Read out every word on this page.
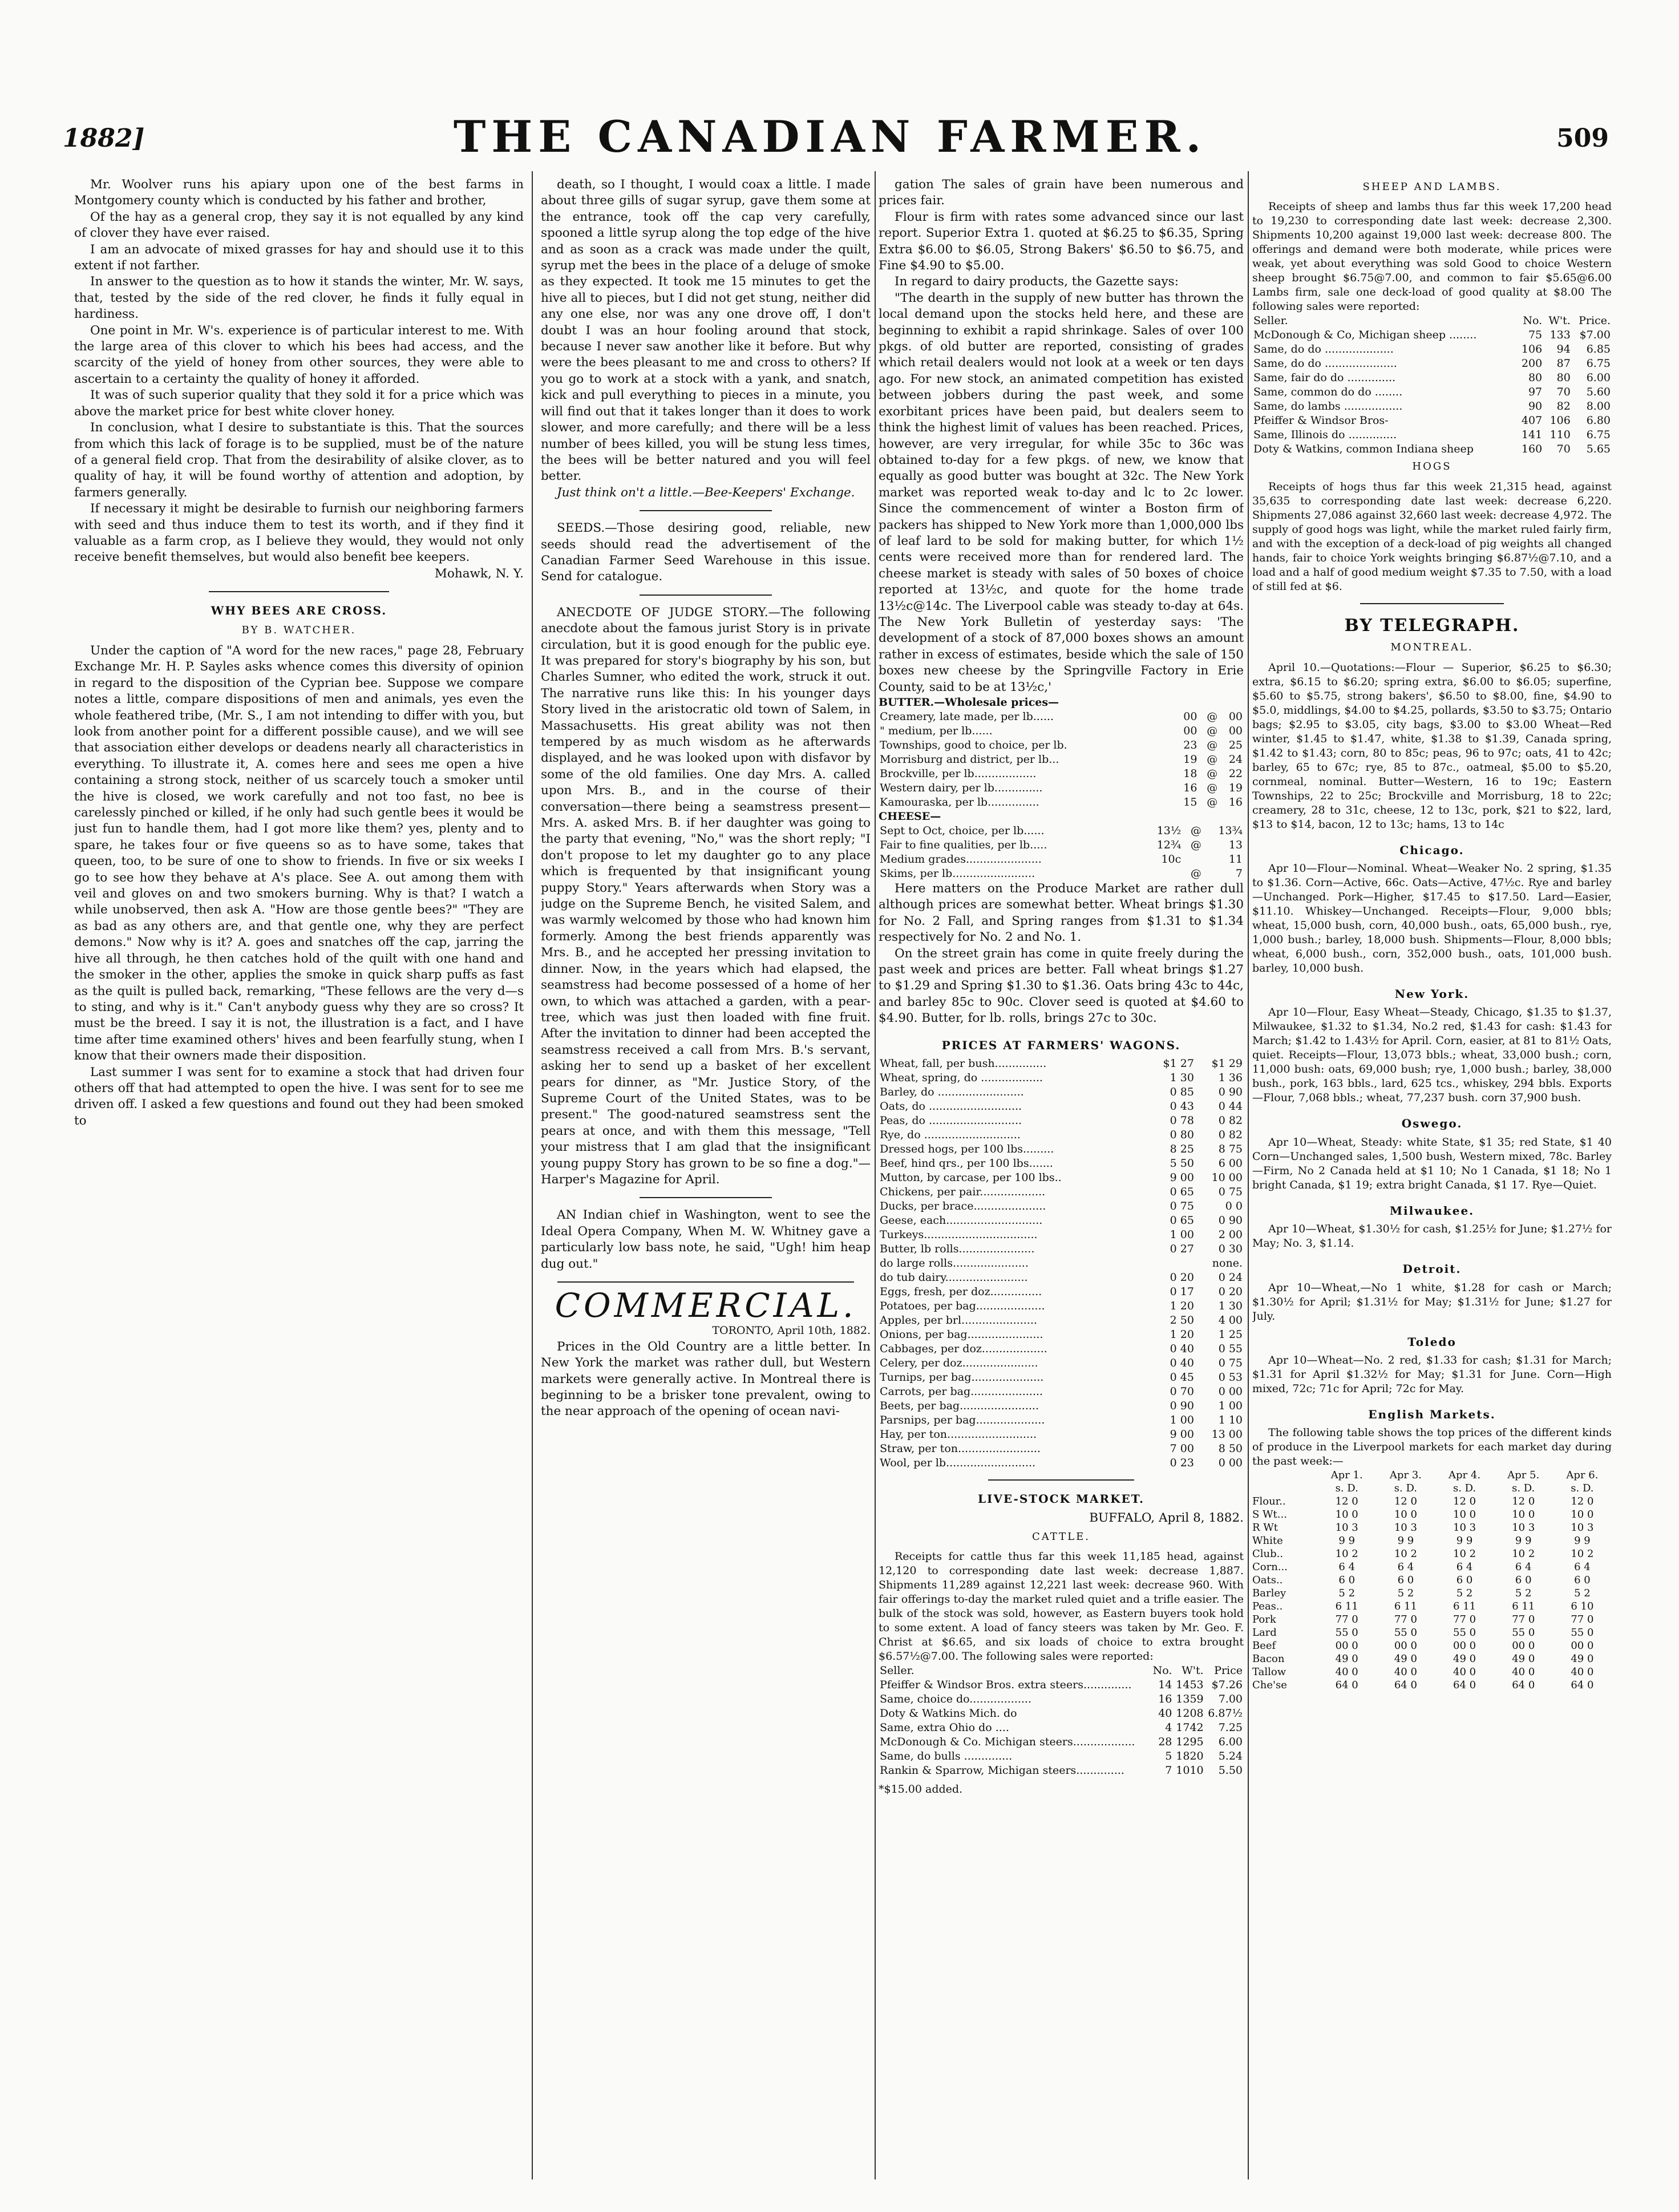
1882]	THE CANADIAN FARMER.	509

Mr. Woolver runs his apiary upon one of the best farms in Montgomery county which is conducted by his father and brother,

Of the hay as a general crop, they say it is not equalled by any kind of clover they have ever raised.

I am an advocate of mixed grasses for hay and should use it to this extent if not farther.

In answer to the question as to how it stands the winter, Mr. W. says, that, tested by the side of the red clover, he finds it fully equal in hardiness.

One point in Mr. W's. experience is of particular interest to me. With the large area of this clover to which his bees had access, and the scarcity of the yield of honey from other sources, they were able to ascertain to a certainty the quality of honey it afforded.

It was of such superior quality that they sold it for a price which was above the market price for best white clover honey.

In conclusion, what I desire to substantiate is this. That the sources from which this lack of forage is to be supplied, must be of the nature of a general field crop. That from the desirability of alsike clover, as to quality of hay, it will be found worthy of attention and adoption, by farmers generally.

If necessary it might be desirable to furnish our neighboring farmers with seed and thus induce them to test its worth, and if they find it valuable as a farm crop, as I believe they would, they would not only receive benefit themselves, but would also benefit bee keepers.

Mohawk, N. Y.

WHY BEES ARE CROSS.
BY B. WATCHER.

Under the caption of "A word for the new races," page 28, February Exchange Mr. H. P. Sayles asks whence comes this diversity of opinion in regard to the disposition of the Cyprian bee. Suppose we compare notes a little, compare dispositions of men and animals, yes even the whole feathered tribe, (Mr. S., I am not intending to differ with you, but look from another point for a different possible cause), and we will see that association either develops or deadens nearly all characteristics in everything. To illustrate it, A. comes here and sees me open a hive containing a strong stock, neither of us scarcely touch a smoker until the hive is closed, we work carefully and not too fast, no bee is carelessly pinched or killed, if he only had such gentle bees it would be just fun to handle them, had I got more like them? yes, plenty and to spare, he takes four or five queens so as to have some, takes that queen, too, to be sure of one to show to friends. In five or six weeks I go to see how they behave at A's place. See A. out among them with veil and gloves on and two smokers burning. Why is that? I watch a while unobserved, then ask A. "How are those gentle bees?" "They are as bad as any others are, and that gentle one, why they are perfect demons." Now why is it? A. goes and snatches off the cap, jarring the hive all through, he then catches hold of the quilt with one hand and the smoker in the other, applies the smoke in quick sharp puffs as fast as the quilt is pulled back, remarking, "These fellows are the very d—s to sting, and why is it." Can't anybody guess why they are so cross? It must be the breed. I say it is not, the illustration is a fact, and I have time after time examined others' hives and been fearfully stung, when I know that their owners made their disposition.

Last summer I was sent for to examine a stock that had driven four others off that had attempted to open the hive. I was sent for to see me driven off. I asked a few questions and found out they had been smoked to

death, so I thought, I would coax a little. I made about three gills of sugar syrup, gave them some at the entrance, took off the cap very carefully, spooned a little syrup along the top edge of the hive and as soon as a crack was made under the quilt, syrup met the bees in the place of a deluge of smoke as they expected. It took me 15 minutes to get the hive all to pieces, but I did not get stung, neither did any one else, nor was any one drove off, I don't doubt I was an hour fooling around that stock, because I never saw another like it before. But why were the bees pleasant to me and cross to others? If you go to work at a stock with a yank, and snatch, kick and pull everything to pieces in a minute, you will find out that it takes longer than it does to work slower, and more carefully; and there will be a less number of bees killed, you will be stung less times, the bees will be better natured and you will feel better.

Just think on't a little.—Bee-Keepers' Exchange.

SEEDS.—Those desiring good, reliable, new seeds should read the advertisement of the Canadian Farmer Seed Warehouse in this issue. Send for catalogue.

ANECDOTE OF JUDGE STORY.—The following anecdote about the famous jurist Story is in private circulation, but it is good enough for the public eye. It was prepared for story's biography by his son, but Charles Sumner, who edited the work, struck it out. The narrative runs like this: In his younger days Story lived in the aristocratic old town of Salem, in Massachusetts. His great ability was not then tempered by as much wisdom as he afterwards displayed, and he was looked upon with disfavor by some of the old families. One day Mrs. A. called upon Mrs. B., and in the course of their conversation—there being a seamstress present—Mrs. A. asked Mrs. B. if her daughter was going to the party that evening, "No," was the short reply; "I don't propose to let my daughter go to any place which is frequented by that insignificant young puppy Story." Years afterwards when Story was a judge on the Supreme Bench, he visited Salem, and was warmly welcomed by those who had known him formerly. Among the best friends apparently was Mrs. B., and he accepted her pressing invitation to dinner. Now, in the years which had elapsed, the seamstress had become possessed of a home of her own, to which was attached a garden, with a pear-tree, which was just then loaded with fine fruit. After the invitation to dinner had been accepted the seamstress received a call from Mrs. B.'s servant, asking her to send up a basket of her excellent pears for dinner, as "Mr. Justice Story, of the Supreme Court of the United States, was to be present." The good-natured seamstress sent the pears at once, and with them this message, "Tell your mistress that I am glad that the insignificant young puppy Story has grown to be so fine a dog."—Harper's Magazine for April.

AN Indian chief in Washington, went to see the Ideal Opera Company, When M. W. Whitney gave a particularly low bass note, he said, "Ugh! him heap dug out."

COMMERCIAL.

TORONTO, April 10th, 1882.

Prices in the Old Country are a little better. In New York the market was rather dull, but Western markets were generally active. In Montreal there is beginning to be a brisker tone prevalent, owing to the near approach of the opening of ocean navi-

gation The sales of grain have been numerous and prices fair.

Flour is firm with rates some advanced since our last report. Superior Extra 1. quoted at $6.25 to $6.35, Spring Extra $6.00 to $6.05, Strong Bakers' $6.50 to $6.75, and Fine $4.90 to $5.00.

In regard to dairy products, the Gazette says:

"The dearth in the supply of new butter has thrown the local demand upon the stocks held here, and these are beginning to exhibit a rapid shrinkage. Sales of over 100 pkgs. of old butter are reported, consisting of grades which retail dealers would not look at a week or ten days ago. For new stock, an animated competition has existed between jobbers during the past week, and some exorbitant prices have been paid, but dealers seem to think the highest limit of values has been reached. Prices, however, are very irregular, for while 35c to 36c was obtained to-day for a few pkgs. of new, we know that equally as good butter was bought at 32c. The New York market was reported weak to-day and lc to 2c lower. Since the commencement of winter a Boston firm of packers has shipped to New York more than 1,000,000 lbs of leaf lard to be sold for making butter, for which 1½ cents were received more than for rendered lard. The cheese market is steady with sales of 50 boxes of choice reported at 13½c, and quote for the home trade 13½c@14c. The Liverpool cable was steady to-day at 64s. The New York Bulletin of yesterday says: 'The development of a stock of 87,000 boxes shows an amount rather in excess of estimates, beside which the sale of 150 boxes new cheese by the Springville Factory in Erie County, said to be at 13½c,'

BUTTER.—Wholesale prices—
Creamery, late made, per lb......	00	@	00
" medium, per lb......	00	@	00
Townships, good to choice, per lb.	23	@	25
Morrisburg and district, per lb...	19	@	24
Brockville, per lb..................	18	@	22
Western dairy, per lb..............	16	@	19
Kamouraska, per lb...............	15	@	16
CHEESE—
Sept to Oct, choice, per lb......	13½	@	13¾
Fair to fine qualities, per lb.....	12¾	@	13
Medium grades......................	10c		11
Skims, per lb........................		@	7

Here matters on the Produce Market are rather dull although prices are somewhat better. Wheat brings $1.30 for No. 2 Fall, and Spring ranges from $1.31 to $1.34 respectively for No. 2 and No. 1.

On the street grain has come in quite freely during the past week and prices are better. Fall wheat brings $1.27 to $1.29 and Spring $1.30 to $1.36. Oats bring 43c to 44c, and barley 85c to 90c. Clover seed is quoted at $4.60 to $4.90. Butter, for lb. rolls, brings 27c to 30c.

PRICES AT FARMERS' WAGONS.
Wheat, fall, per bush...............	$1 27	$1 29
Wheat, spring, do ..................	1 30	1 36
Barley, do .........................	0 85	0 90
Oats, do ...........................	0 43	0 44
Peas, do ...........................	0 78	0 82
Rye, do ............................	0 80	0 82
Dressed hogs, per 100 lbs.........	8 25	8 75
Beef, hind qrs., per 100 lbs.......	5 50	6 00
Mutton, by carcase, per 100 lbs..	9 00	10 00
Chickens, per pair...................	0 65	0 75
Ducks, per brace.....................	0 75	0 0
Geese, each............................	0 65	0 90
Turkeys.................................	1 00	2 00
Butter, lb rolls......................	0 27	0 30
do large rolls......................		none.
do tub dairy........................	0 20	0 24
Eggs, fresh, per doz...............	0 17	0 20
Potatoes, per bag....................	1 20	1 30
Apples, per brl......................	2 50	4 00
Onions, per bag......................	1 20	1 25
Cabbages, per doz...................	0 40	0 55
Celery, per doz......................	0 40	0 75
Turnips, per bag.....................	0 45	0 53
Carrots, per bag.....................	0 70	0 00
Beets, per bag.......................	0 90	1 00
Parsnips, per bag....................	1 00	1 10
Hay, per ton..........................	9 00	13 00
Straw, per ton........................	7 00	8 50
Wool, per lb..........................	0 23	0 00
LIVE-STOCK MARKET.

BUFFALO, April 8, 1882.

CATTLE.

Receipts for cattle thus far this week 11,185 head, against 12,120 to corresponding date last week: decrease 1,887. Shipments 11,289 against 12,221 last week: decrease 960. With fair offerings to-day the market ruled quiet and a trifle easier. The bulk of the stock was sold, however, as Eastern buyers took hold to some extent. A load of fancy steers was taken by Mr. Geo. F. Christ at $6.65, and six loads of choice to extra brought $6.57½@7.00. The following sales were reported:

Seller.	No.	W't.	Price
Pfeiffer & Windsor Bros. extra steers..............	14	1453	$7.26
Same, choice do..................	16	1359	7.00
Doty & Watkins Mich. do	40	1208	6.87½
Same, extra Ohio do ....	4	1742	7.25
McDonough & Co. Michigan steers..................	28	1295	6.00
Same, do bulls ..............	5	1820	5.24
Rankin & Sparrow, Michigan steers..............	7	1010	5.50
*$15.00 added.
SHEEP AND LAMBS.

Receipts of sheep and lambs thus far this week 17,200 head to 19,230 to corresponding date last week: decrease 2,300. Shipments 10,200 against 19,000 last week: decrease 800. The offerings and demand were both moderate, while prices were weak, yet about everything was sold Good to choice Western sheep brought $6.75@7.00, and common to fair $5.65@6.00 Lambs firm, sale one deck-load of good quality at $8.00 The following sales were reported:

Seller.	No.	W't.	Price.
McDonough & Co, Michigan sheep ........	75	133	$7.00
Same, do do ....................	106	94	6.85
Same, do do .....................	200	87	6.75
Same, fair do do ..............	80	80	6.00
Same, common do do ........	97	70	5.60
Same, do lambs .................	90	82	8.00
Pfeiffer & Windsor Bros-	407	106	6.80
Same, Illinois do ..............	141	110	6.75
Doty & Watkins, common Indiana sheep	160	70	5.65
HOGS

Receipts of hogs thus far this week 21,315 head, against 35,635 to corresponding date last week: decrease 6,220. Shipments 27,086 against 32,660 last week: decrease 4,972. The supply of good hogs was light, while the market ruled fairly firm, and with the exception of a deck-load of pig weights all changed hands, fair to choice York weights bringing $6.87½@7.10, and a load and a half of good medium weight $7.35 to 7.50, with a load of still fed at $6.

BY TELEGRAPH.
MONTREAL.

April 10.—Quotations:—Flour — Superior, $6.25 to $6.30; extra, $6.15 to $6.20; spring extra, $6.00 to $6.05; superfine, $5.60 to $5.75, strong bakers', $6.50 to $8.00, fine, $4.90 to $5.0, middlings, $4.00 to $4.25, pollards, $3.50 to $3.75; Ontario bags; $2.95 to $3.05, city bags, $3.00 to $3.00 Wheat—Red winter, $1.45 to $1.47, white, $1.38 to $1.39, Canada spring, $1.42 to $1.43; corn, 80 to 85c; peas, 96 to 97c; oats, 41 to 42c; barley, 65 to 67c; rye, 85 to 87c., oatmeal, $5.00 to $5.20, cornmeal, nominal. Butter—Western, 16 to 19c; Eastern Townships, 22 to 25c; Brockville and Morrisburg, 18 to 22c; creamery, 28 to 31c, cheese, 12 to 13c, pork, $21 to $22, lard, $13 to $14, bacon, 12 to 13c; hams, 13 to 14c

Chicago.

Apr 10—Flour—Nominal. Wheat—Weaker No. 2 spring, $1.35 to $1.36. Corn—Active, 66c. Oats—Active, 47½c. Rye and barley—Unchanged. Pork—Higher, $17.45 to $17.50. Lard—Easier, $11.10. Whiskey—Unchanged. Receipts—Flour, 9,000 bbls; wheat, 15,000 bush, corn, 40,000 bush., oats, 65,000 bush., rye, 1,000 bush.; barley, 18,000 bush. Shipments—Flour, 8,000 bbls; wheat, 6,000 bush., corn, 352,000 bush., oats, 101,000 bush. barley, 10,000 bush.

New York.

Apr 10—Flour, Easy Wheat—Steady, Chicago, $1.35 to $1.37, Milwaukee, $1.32 to $1.34, No.2 red, $1.43 for cash: $1.43 for March; $1.42 to 1.43½ for April. Corn, easier, at 81 to 81½ Oats, quiet. Receipts—Flour, 13,073 bbls.; wheat, 33,000 bush.; corn, 11,000 bush: oats, 69,000 bush; rye, 1,000 bush.; barley, 38,000 bush., pork, 163 bbls., lard, 625 tcs., whiskey, 294 bbls. Exports—Flour, 7,068 bbls.; wheat, 77,237 bush. corn 37,900 bush.

Oswego.

Apr 10—Wheat, Steady: white State, $1 35; red State, $1 40 Corn—Unchanged sales, 1,500 bush, Western mixed, 78c. Barley—Firm, No 2 Canada held at $1 10; No 1 Canada, $1 18; No 1 bright Canada, $1 19; extra bright Canada, $1 17. Rye—Quiet.

Milwaukee.

Apr 10—Wheat, $1.30½ for cash, $1.25½ for June; $1.27½ for May; No. 3, $1.14.

Detroit.

Apr 10—Wheat,—No 1 white, $1.28 for cash or March; $1.30½ for April; $1.31½ for May; $1.31½ for June; $1.27 for July.

Toledo

Apr 10—Wheat—No. 2 red, $1.33 for cash; $1.31 for March; $1.31 for April $1.32½ for May; $1.31 for June. Corn—High mixed, 72c; 71c for April; 72c for May.

English Markets.

The following table shows the top prices of the different kinds of produce in the Liverpool markets for each market day during the past week:—

	Apr 1.	Apr 3.	Apr 4.	Apr 5.	Apr 6.
	s. D.	s. D.	s. D.	s. D.	s. D.
Flour..	12 0	12 0	12 0	12 0	12 0
S Wt...	10 0	10 0	10 0	10 0	10 0
R Wt	10 3	10 3	10 3	10 3	10 3
White	9 9	9 9	9 9	9 9	9 9
Club..	10 2	10 2	10 2	10 2	10 2
Corn...	6 4	6 4	6 4	6 4	6 4
Oats..	6 0	6 0	6 0	6 0	6 0
Barley	5 2	5 2	5 2	5 2	5 2
Peas..	6 11	6 11	6 11	6 11	6 10
Pork	77 0	77 0	77 0	77 0	77 0
Lard	55 0	55 0	55 0	55 0	55 0
Beef	00 0	00 0	00 0	00 0	00 0
Bacon	49 0	49 0	49 0	49 0	49 0
Tallow	40 0	40 0	40 0	40 0	40 0
Che'se	64 0	64 0	64 0	64 0	64 0
